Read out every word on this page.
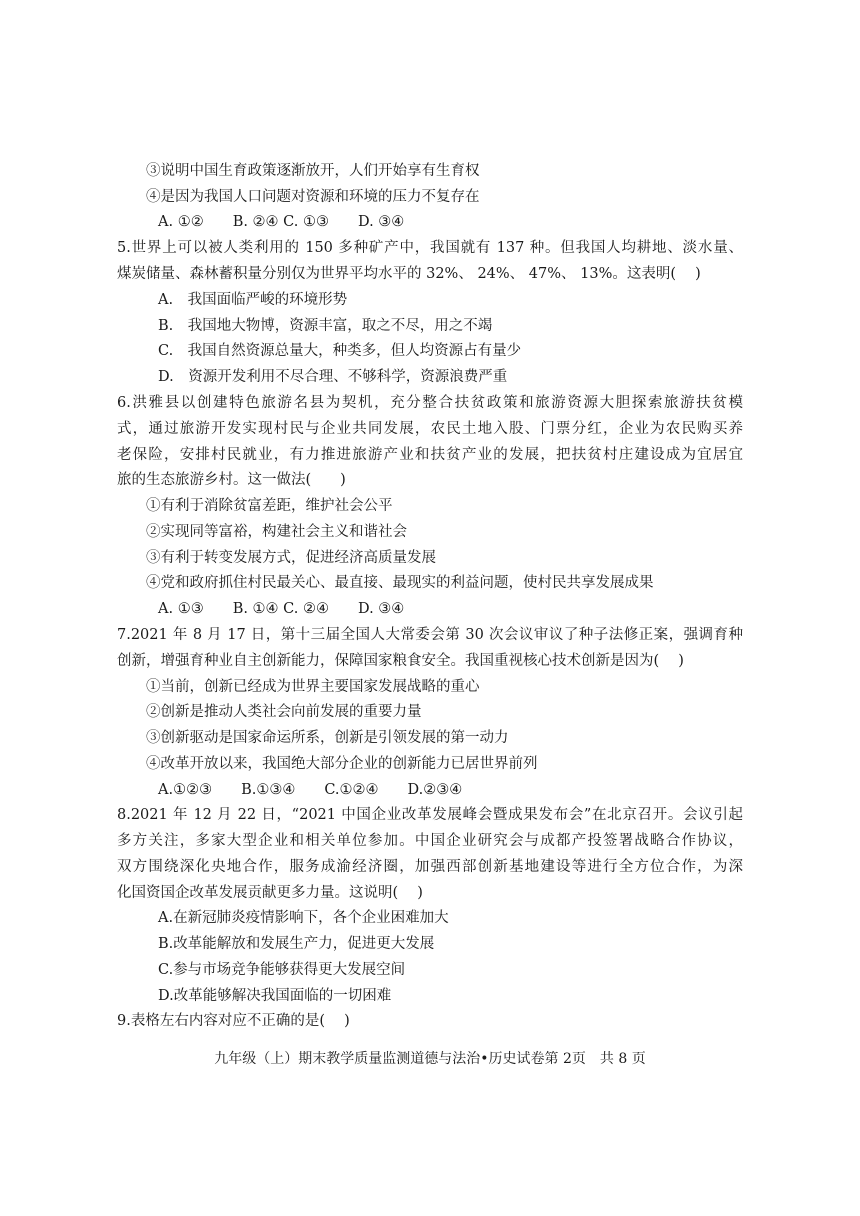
③说明中国生育政策逐渐放开，人们开始享有生育权
④是因为我国人口问题对资源和环境的压力不复存在
A. ①②　　B. ②④ C. ①③　　D. ③④
5.世界上可以被人类利用的 150 多种矿产中，我国就有 137 种。但我国人均耕地、淡水量、
煤炭储量、森林蓄积量分别仅为世界平均水平的 32%、 24%、 47%、 13%。这表明(　 )
A.　我国面临严峻的环境形势
B.　我国地大物博，资源丰富，取之不尽，用之不竭
C.　我国自然资源总量大，种类多，但人均资源占有量少
D.　资源开发利用不尽合理、不够科学，资源浪费严重
6.洪雅县以创建特色旅游名县为契机，充分整合扶贫政策和旅游资源大胆探索旅游扶贫模
式，通过旅游开发实现村民与企业共同发展，农民土地入股、门票分红，企业为农民购买养
老保险，安排村民就业，有力推进旅游产业和扶贫产业的发展，把扶贫村庄建设成为宜居宜
旅的生态旅游乡村。这一做法(　　)
①有利于消除贫富差距，维护社会公平
②实现同等富裕，构建社会主义和谐社会
③有利于转变发展方式，促进经济高质量发展
④党和政府抓住村民最关心、最直接、最现实的利益问题，使村民共享发展成果
A. ①③　　B. ①④ C. ②④　　D. ③④
7.2021 年 8 月 17 日，第十三届全国人大常委会第 30 次会议审议了种子法修正案，强调育种
创新，增强育种业自主创新能力，保障国家粮食安全。我国重视核心技术创新是因为(　 )
①当前，创新已经成为世界主要国家发展战略的重心
②创新是推动人类社会向前发展的重要力量
③创新驱动是国家命运所系，创新是引领发展的第一动力
④改革开放以来，我国绝大部分企业的创新能力已居世界前列
A.①②③　　B.①③④　　C.①②④　　D.②③④
8.2021 年 12 月 22 日，“2021 中国企业改革发展峰会暨成果发布会”在北京召开。会议引起
多方关注，多家大型企业和相关单位参加。中国企业研究会与成都产投签署战略合作协议，
双方围绕深化央地合作，服务成渝经济圈，加强西部创新基地建设等进行全方位合作，为深
化国资国企改革发展贡献更多力量。这说明(　 )
A.在新冠肺炎疫情影响下，各个企业困难加大
B.改革能解放和发展生产力，促进更大发展
C.参与市场竞争能够获得更大发展空间
D.改革能够解决我国面临的一切困难
9.表格左右内容对应不正确的是(　 )
九年级（上）期末教学质量监测道德与法治•历史试卷第 2页　共 8 页
